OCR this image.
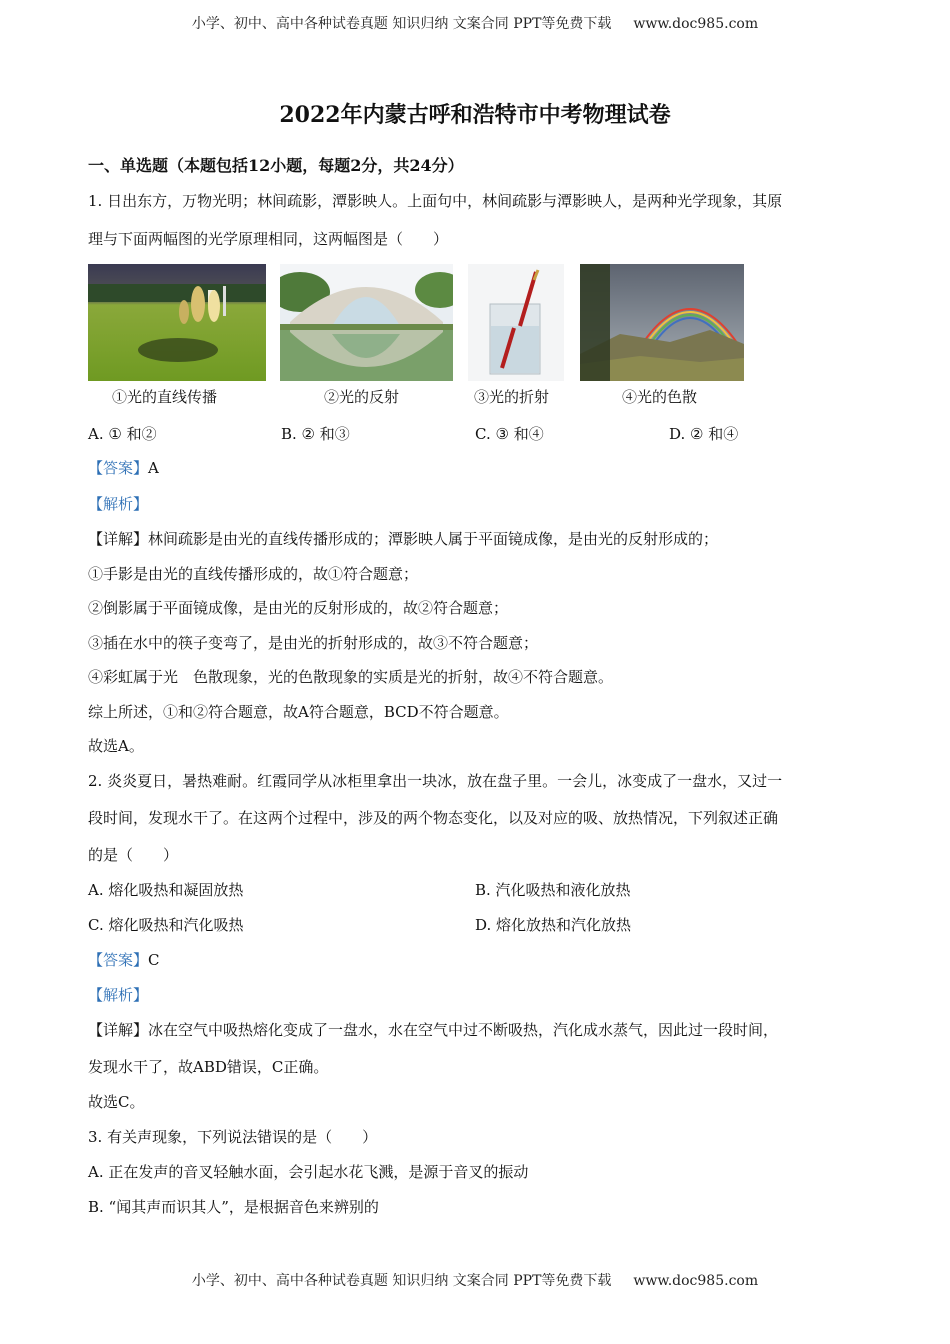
小学、初中、高中各种试卷真题 知识归纳 文案合同 PPT等免费下载 www.doc985.com
2022年内蒙古呼和浩特市中考物理试卷
一、单选题（本题包括12小题，每题2分，共24分）
1. 日出东方，万物光明；林间疏影，潭影映人。上面句中，林间疏影与潭影映人，是两种光学现象，其原
理与下面两幅图的光学原理相同，这两幅图是（　　）
①光的直线传播	②光的反射	③光的折射	④光的色散
A. ① 和②	B. ② 和③	C. ③ 和④	D. ② 和④
【答案】A
【解析】
【详解】林间疏影是由光的直线传播形成的；潭影映人属于平面镜成像，是由光的反射形成的；
①手影是由光的直线传播形成的，故①符合题意；
②倒影属于平面镜成像，是由光的反射形成的，故②符合题意；
③插在水中的筷子变弯了，是由光的折射形成的，故③不符合题意；
④彩虹属于光　色散现象，光的色散现象的实质是光的折射，故④不符合题意。
综上所述，①和②符合题意，故A符合题意，BCD不符合题意。
故选A。
2. 炎炎夏日，暑热难耐。红霞同学从冰柜里拿出一块冰，放在盘子里。一会儿，冰变成了一盘水，又过一
段时间，发现水干了。在这两个过程中，涉及的两个物态变化，以及对应的吸、放热情况，下列叙述正确
的是（　　）
A. 熔化吸热和凝固放热	B. 汽化吸热和液化放热
C. 熔化吸热和汽化吸热	D. 熔化放热和汽化放热
【答案】C
【解析】
【详解】冰在空气中吸热熔化变成了一盘水，水在空气中过不断吸热，汽化成水蒸气，因此过一段时间，
发现水干了，故ABD错误，C正确。
故选C。
3. 有关声现象，下列说法错误的是（　　）
A. 正在发声的音叉轻触水面，会引起水花飞溅，是源于音叉的振动
B. “闻其声而识其人”，是根据音色来辨别的
小学、初中、高中各种试卷真题 知识归纳 文案合同 PPT等免费下载 www.doc985.com
